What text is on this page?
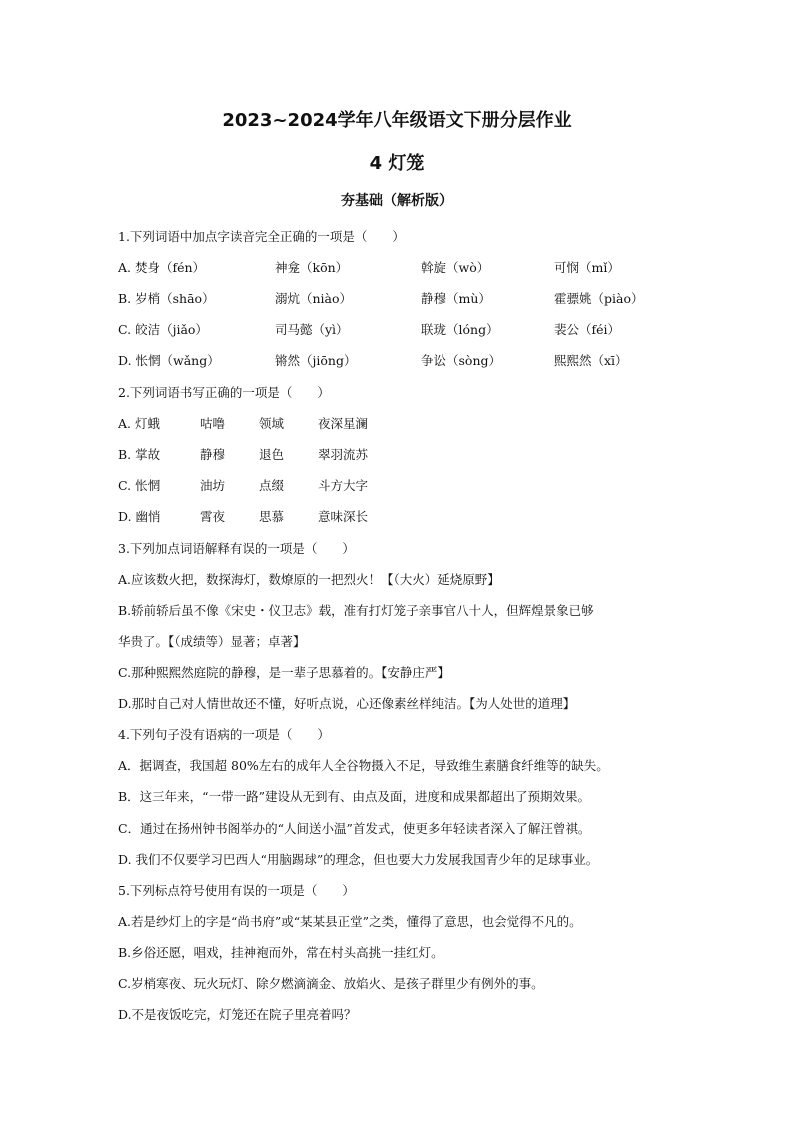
2023~2024学年八年级语文下册分层作业
4 灯笼
夯基础（解析版）
1.下列词语中加点字读音完全正确的一项是（　　）
A. 焚身（fén）	神龛（kōn）	斡旋（wò）	可悯（mǐ）
B. 岁梢（shāo）	溺炕（niào）	静穆（mù）	霍骠姚（piào）
C. 皎洁（jiǎo）	司马懿（yì）	联珑（lóng）	裴公（féi）
D. 怅惘（wǎng）	锵然（jiōng）	争讼（sòng）	熙熙然（xī）
2.下列词语书写正确的一项是（　　）
A. 灯蛾	咕噜	领域	夜深星澜
B. 掌故	静穆	退色	翠羽流苏
C. 怅惘	油坊	点缀	斗方大字
D. 幽悄	霄夜	思慕	意味深长
3.下列加点词语解释有误的一项是（　　）
A.应该数火把，数探海灯，数燎原的一把烈火！【（大火）延烧原野】
B.轿前轿后虽不像《宋史・仪卫志》载，准有打灯笼子亲事官八十人，但辉煌景象已够
华贵了。【（成绩等）显著；卓著】
C.那种熙熙然庭院的静穆，是一辈子思慕着的。【安静庄严】
D.那时自己对人情世故还不懂，好听点说，心还像素丝样纯洁。【为人处世的道理】
4.下列句子没有语病的一项是（　　）
A．据调查，我国超 80%左右的成年人全谷物摄入不足，导致维生素膳食纤维等的缺失。
B．这三年来，“一带一路”建设从无到有、由点及面，进度和成果都超出了预期效果。
C．通过在扬州钟书阁举办的“人间送小温”首发式，使更多年轻读者深入了解汪曾祺。
D. 我们不仅要学习巴西人“用脑踢球”的理念，但也要大力发展我国青少年的足球事业。
5.下列标点符号使用有误的一项是（　　）
A.若是纱灯上的字是“尚书府”或“某某县正堂”之类，懂得了意思，也会觉得不凡的。
B.乡俗还愿，唱戏，挂神袍而外，常在村头高挑一挂红灯。
C.岁梢寒夜、玩火玩灯、除夕燃滴滴金、放焰火、是孩子群里少有例外的事。
D.不是夜饭吃完，灯笼还在院子里亮着吗？
